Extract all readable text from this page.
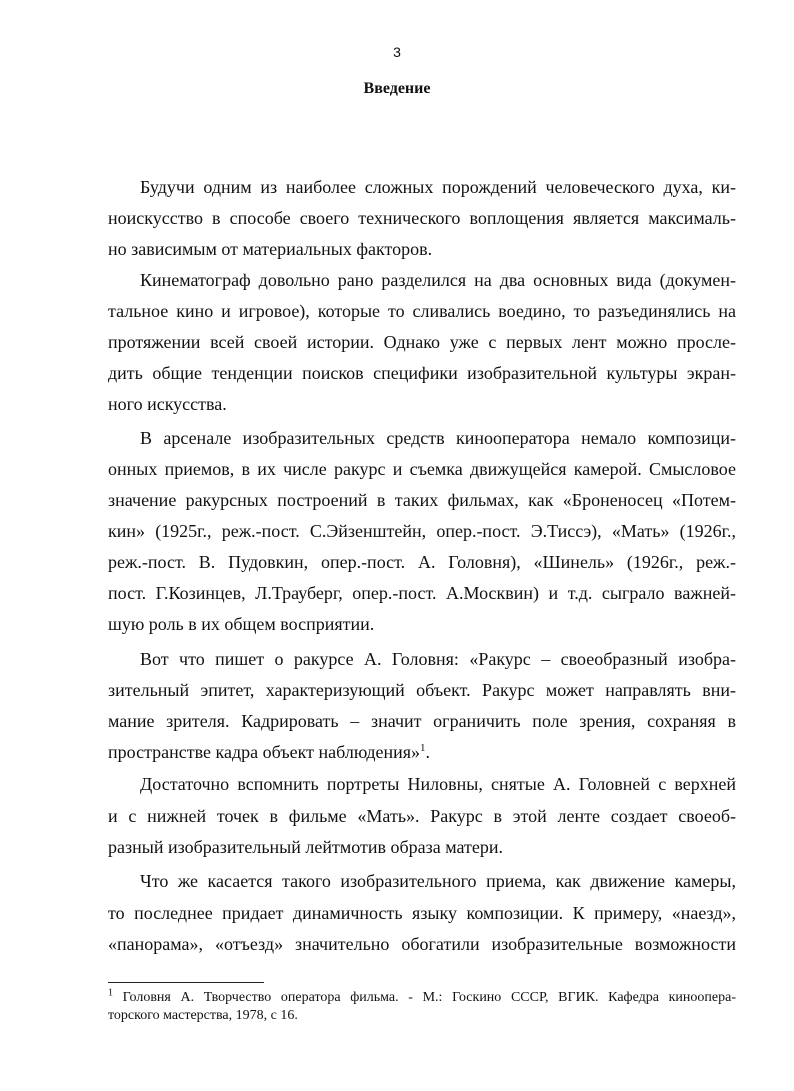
3
Введение
Будучи одним из наиболее сложных порождений человеческого духа, ки-
ноискусство в способе своего технического воплощения является максималь-
но зависимым от материальных факторов.
Кинематограф довольно рано разделился на два основных вида (докумен-
тальное кино и игровое), которые то сливались воедино, то разъединялись на
протяжении всей своей истории. Однако уже с первых лент можно просле-
дить общие тенденции поисков специфики изобразительной культуры экран-
ного искусства.
В арсенале изобразительных средств кинооператора немало композици-
онных приемов, в их числе ракурс и съемка движущейся камерой. Смысловое
значение ракурсных построений в таких фильмах, как «Броненосец «Потем-
кин» (1925г., реж.-пост. С.Эйзенштейн, опер.-пост. Э.Тиссэ), «Мать» (1926г.,
реж.-пост. В. Пудовкин, опер.-пост. А. Головня), «Шинель» (1926г., реж.-
пост. Г.Козинцев, Л.Трауберг, опер.-пост. А.Москвин) и т.д. сыграло важней-
шую роль в их общем восприятии.
Вот что пишет о ракурсе А. Головня: «Ракурс – своеобразный изобра-
зительный эпитет, характеризующий объект. Ракурс может направлять вни-
мание зрителя. Кадрировать – значит ограничить поле зрения, сохраняя в
пространстве кадра объект наблюдения»$^1$.
Достаточно вспомнить портреты Ниловны, снятые А. Головней с верхней
и с нижней точек в фильме «Мать». Ракурс в этой ленте создает своеоб-
разный изобразительный лейтмотив образа матери.
Что же касается такого изобразительного приема, как движение камеры,
то последнее придает динамичность языку композиции. К примеру, «наезд»,
«панорама», «отъезд» значительно обогатили изобразительные возможности
$^1$ Головня А. Творчество оператора фильма. - М.: Госкино СССР, ВГИК. Кафедра кинoопера-
торского мастерства, 1978, с 16.
